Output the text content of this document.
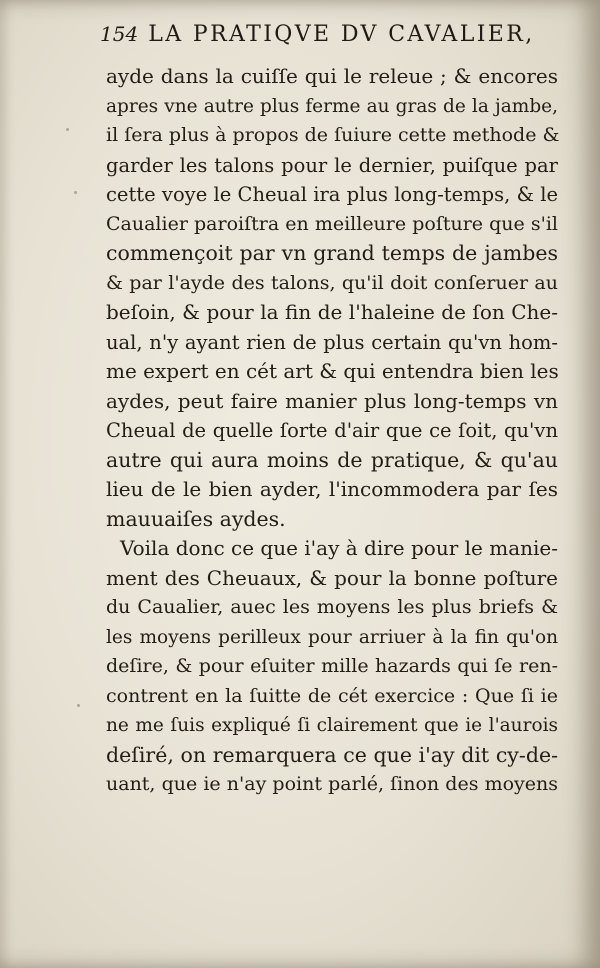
154 LA PRATIQVE DV CAVALIER,
ayde dans la cuiſſe qui le releue ; & encores
apres vne autre plus ferme au gras de la jambe,
il ſera plus à propos de ſuiure cette methode &
garder les talons pour le dernier, puiſque par
cette voye le Cheual ira plus long-temps, & le
Caualier paroiſtra en meilleure poſture que s'il
commençoit par vn grand temps de jambes
& par l'ayde des talons, qu'il doit conſeruer au
beſoin, & pour la fin de l'haleine de ſon Che-
ual, n'y ayant rien de plus certain qu'vn hom-
me expert en cét art & qui entendra bien les
aydes, peut faire manier plus long-temps vn
Cheual de quelle ſorte d'air que ce ſoit, qu'vn
autre qui aura moins de pratique, & qu'au
lieu de le bien ayder, l'incommodera par ſes
mauuaiſes aydes.
Voila donc ce que i'ay à dire pour le manie-
ment des Cheuaux, & pour la bonne poſture
du Caualier, auec les moyens les plus briefs &
les moyens perilleux pour arriuer à la fin qu'on
deſire, & pour eſuiter mille hazards qui ſe ren-
contrent en la ſuitte de cét exercice : Que ſi ie
ne me ſuis expliqué ſi clairement que ie l'aurois
deſiré, on remarquera ce que i'ay dit cy-de-
uant, que ie n'ay point parlé, ſinon des moyens
